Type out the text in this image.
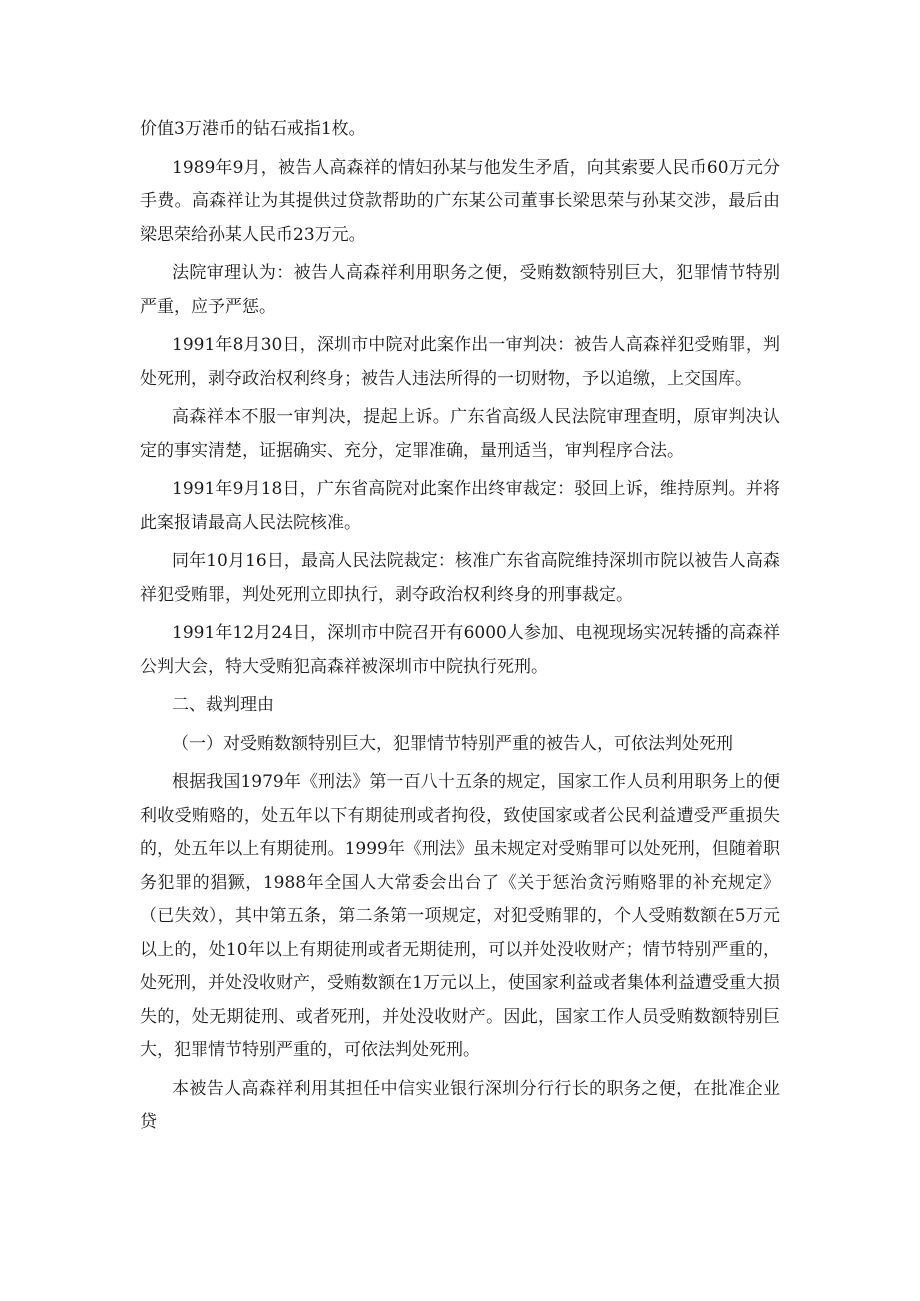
价值3万港币的钻石戒指1枚。

1989年9月，被告人高森祥的情妇孙某与他发生矛盾，向其索要人民币60万元分手费。高森祥让为其提供过贷款帮助的广东某公司董事长梁思荣与孙某交涉，最后由梁思荣给孙某人民币23万元。

法院审理认为：被告人高森祥利用职务之便，受贿数额特别巨大，犯罪情节特别严重，应予严惩。

1991年8月30日，深圳市中院对此案作出一审判决：被告人高森祥犯受贿罪，判处死刑，剥夺政治权利终身；被告人违法所得的一切财物，予以追缴，上交国库。

高森祥本不服一审判决，提起上诉。广东省高级人民法院审理查明，原审判决认定的事实清楚，证据确实、充分，定罪准确，量刑适当，审判程序合法。

1991年9月18日，广东省高院对此案作出终审裁定：驳回上诉，维持原判。并将此案报请最高人民法院核准。

同年10月16日，最高人民法院裁定：核准广东省高院维持深圳市院以被告人高森祥犯受贿罪，判处死刑立即执行，剥夺政治权利终身的刑事裁定。

1991年12月24日，深圳市中院召开有6000人参加、电视现场实况转播的高森祥公判大会，特大受贿犯高森祥被深圳市中院执行死刑。

二、裁判理由

（一）对受贿数额特别巨大，犯罪情节特别严重的被告人，可依法判处死刑

根据我国1979年《刑法》第一百八十五条的规定，国家工作人员利用职务上的便利收受贿赂的，处五年以下有期徒刑或者拘役，致使国家或者公民利益遭受严重损失的，处五年以上有期徒刑。1999年《刑法》虽未规定对受贿罪可以处死刑，但随着职务犯罪的猖獗，1988年全国人大常委会出台了《关于惩治贪污贿赂罪的补充规定》（已失效），其中第五条，第二条第一项规定，对犯受贿罪的，个人受贿数额在5万元以上的，处10年以上有期徒刑或者无期徒刑，可以并处没收财产；情节特别严重的，处死刑，并处没收财产，受贿数额在1万元以上，使国家利益或者集体利益遭受重大损失的，处无期徒刑、或者死刑，并处没收财产。因此，国家工作人员受贿数额特别巨大，犯罪情节特别严重的，可依法判处死刑。

本被告人高森祥利用其担任中信实业银行深圳分行行长的职务之便，在批准企业贷
